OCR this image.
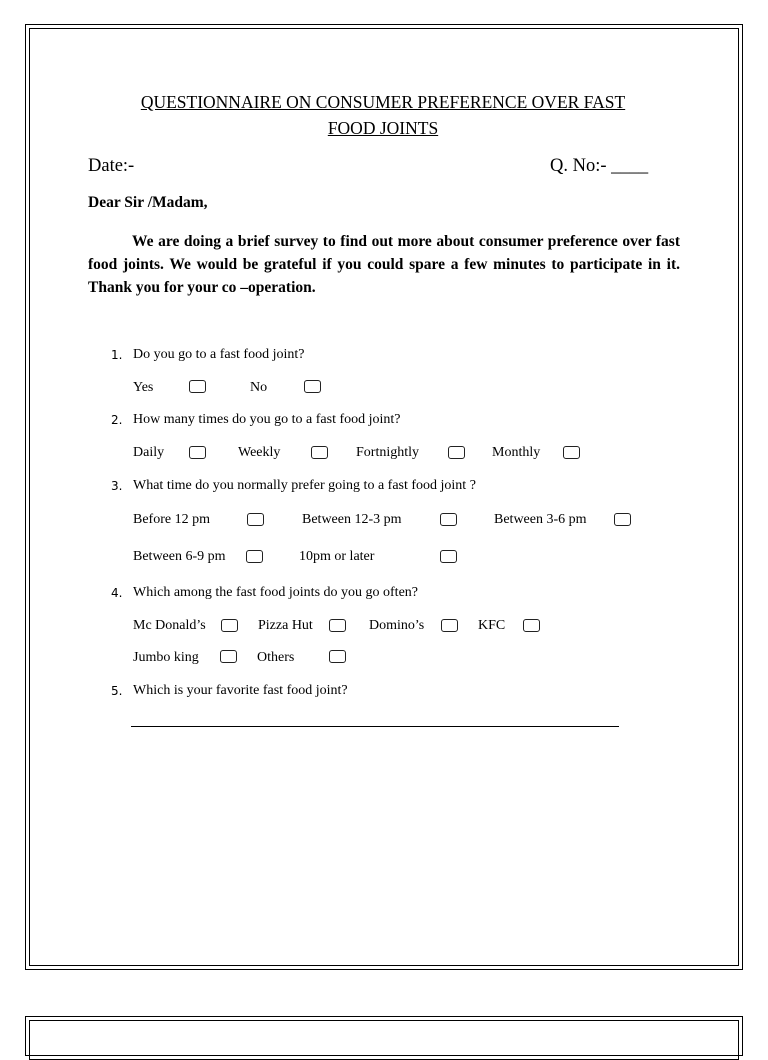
QUESTIONNAIRE ON CONSUMER PREFERENCE OVER FAST
FOOD JOINTS
Date:-	Q. No:- ____
Dear Sir /Madam,

We are doing a brief survey to find out more about consumer preference over fast food joints. We would be grateful if you could spare a few minutes to participate in it. Thank you for your co –operation.

1. Do you go to a fast food joint?
Yes	No
2. How many times do you go to a fast food joint?
Daily	Weekly	Fortnightly	Monthly
3. What time do you normally prefer going to a fast food joint ?
Before 12 pm	Between 12-3 pm	Between 3-6 pm
Between 6-9 pm	10pm or later
4. Which among the fast food joints do you go often?
Mc Donald’s	Pizza Hut	Domino’s	KFC
Jumbo king	Others
5. Which is your favorite fast food joint?
